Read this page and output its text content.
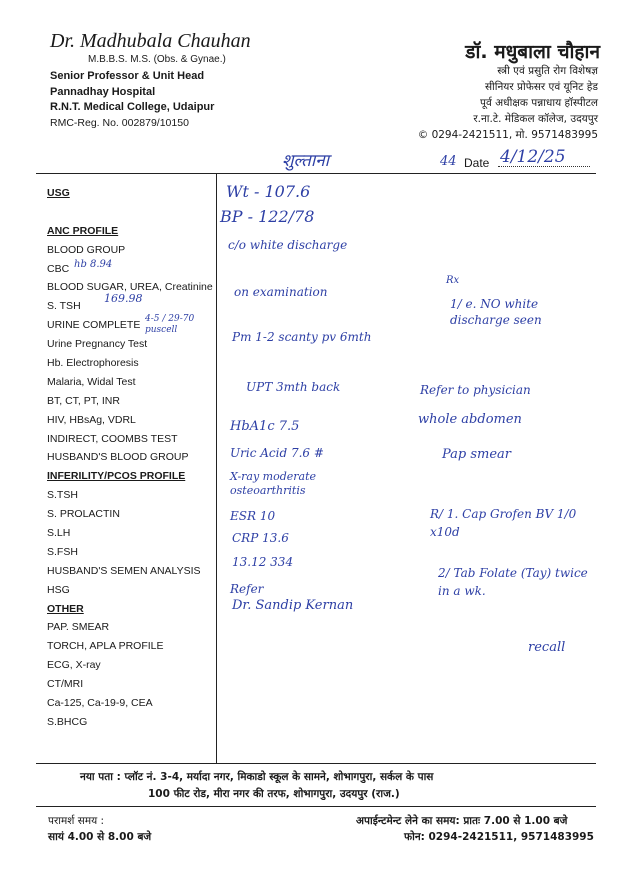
Dr. Madhubala Chauhan
M.B.B.S. M.S. (Obs. & Gynae.)
Senior Professor & Unit Head
Pannadhay Hospital
R.N.T. Medical College, Udaipur
RMC-Reg. No. 002879/10150
डॉ. मधुबाला चौहान
स्त्री एवं प्रसुति रोग विशेषज्ञ
सीनियर प्रोफेसर एवं यूनिट हेड
पूर्व अधीक्षक पन्नाधाय हॉस्पीटल
र.ना.टे. मेडिकल कॉलेज, उदयपुर
© 0294-2421511, मो. 9571483995
शुल्ताना	44 Date 4/12/25
USG
ANC PROFILE
BLOOD GROUP
CBC
BLOOD SUGAR, UREA, Creatinine
S. TSH
URINE COMPLETE
Urine Pregnancy Test
Hb. Electrophoresis
Malaria, Widal Test
BT, CT, PT, INR
HIV, HBsAg, VDRL
INDIRECT, COOMBS TEST
HUSBAND'S BLOOD GROUP
INFERILITY/PCOS PROFILE
S.TSH
S. PROLACTIN
S.LH
S.FSH
HUSBAND'S SEMEN ANALYSIS
HSG
OTHER
PAP. SMEAR
TORCH, APLA PROFILE
ECG, X-ray
CT/MRI
Ca-125, Ca-19-9, CEA
S.BHCG
hb 8.94
169.98
4-5 / 29-70 puscell
Wt - 107.6
BP - 122/78
c/o white discharge
on examination
Pm 1-2 scanty pv 6mth
UPT 3mth back
HbA1c 7.5
Uric Acid 7.6 #
X-ray moderate osteoarthritis
ESR 10
CRP 13.6
13.12 334
Refer
Dr. Sandip Kernan
Rx
1/ e. NO white discharge seen
Refer to physician
whole abdomen
Pap smear
R/ 1. Cap Grofen BV 1/0 x10d
2/ Tab Folate (Tay) twice in a wk.
recall
नया पता : प्लॉट नं. 3-4, मर्यादा नगर, मिकाडो स्कूल के सामने, शोभागपुरा, सर्कल के पास
100 फीट रोड, मीरा नगर की तरफ, शोभागपुरा, उदयपुर (राज.)
परामर्श समय :
सायं 4.00 से 8.00 बजे
अपाईन्टमेन्ट लेने का समय: प्रातः 7.00 से 1.00 बजे
फोन: 0294-2421511, 9571483995
